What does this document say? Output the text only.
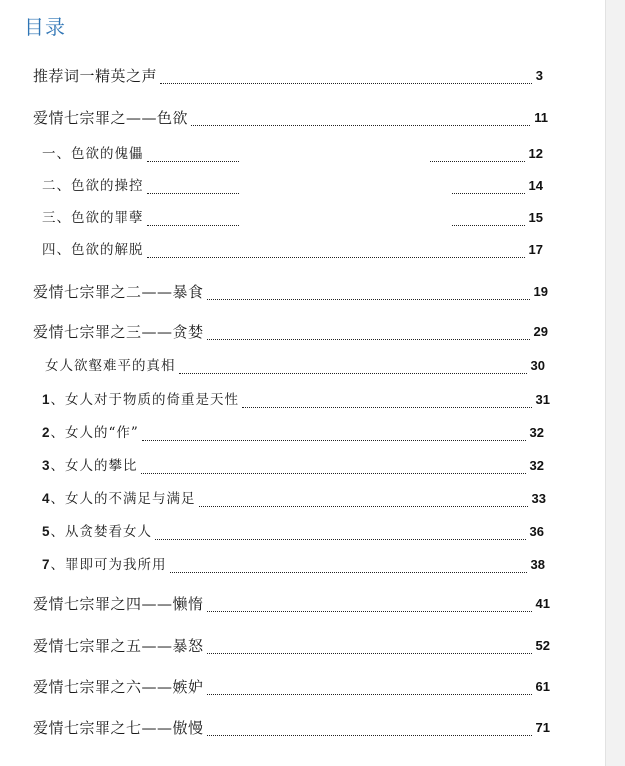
目录
推荐词一精英之声	3
爱情七宗罪之——色欲	11
一、色欲的傀儡	12
二、色欲的操控	14
三、色欲的罪孽	15
四、色欲的解脱	17
爱情七宗罪之二——暴食	19
爱情七宗罪之三——贪婪	29
女人欲壑难平的真相	30
1、女人对于物质的倚重是天性	31
2、女人的“作”	32
3、女人的攀比	32
4、女人的不满足与满足	33
5、从贪婪看女人	36
7、罪即可为我所用	38
爱情七宗罪之四——懒惰	41
爱情七宗罪之五——暴怒	52
爱情七宗罪之六——嫉妒	61
爱情七宗罪之七——傲慢	71
